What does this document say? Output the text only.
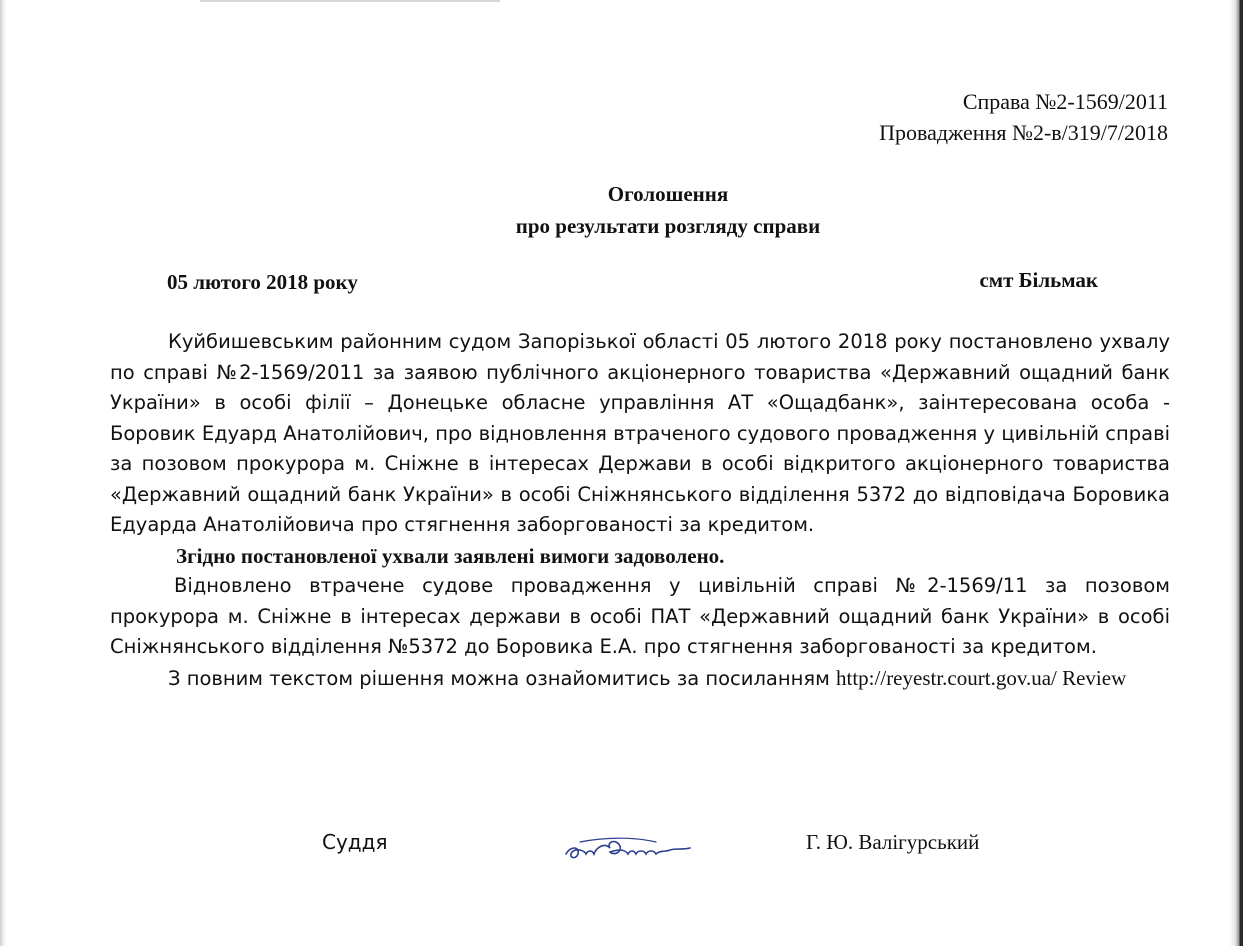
Справа №2-1569/2011
Провадження №2-в/319/7/2018
Оголошення
про результати розгляду справи
05 лютого 2018 року	смт Більмак

Куйбишевським районним судом Запорізької області 05 лютого 2018 року постановлено ухвалу по справі №2-1569/2011 за заявою публічного акціонерного товариства «Державний ощадний банк України» в особі філії – Донецьке обласне управління АТ «Ощадбанк», заінтересована особа - Боровик Едуард Анатолійович, про відновлення втраченого судового провадження у цивільній справі за позовом прокурора м. Сніжне в інтересах Держави в особі відкритого акціонерного товариства «Державний ощадний банк України» в особі Сніжнянського відділення 5372 до відповідача Боровика Едуарда Анатолійовича про стягнення заборгованості за кредитом.

Згідно постановленої ухвали заявлені вимоги задоволено.

Відновлено втрачене судове провадження у цивільній справі №2-1569/11 за позовом прокурора м. Сніжне в інтересах держави в особі ПАТ «Державний ощадний банк України» в особі Сніжнянського відділення №5372 до Боровика Е.А. про стягнення заборгованості за кредитом.

З повним текстом рішення можна ознайомитись за посиланням http://reyestr.court.gov.ua/ Review

Суддя	Г. Ю. Валігурський
